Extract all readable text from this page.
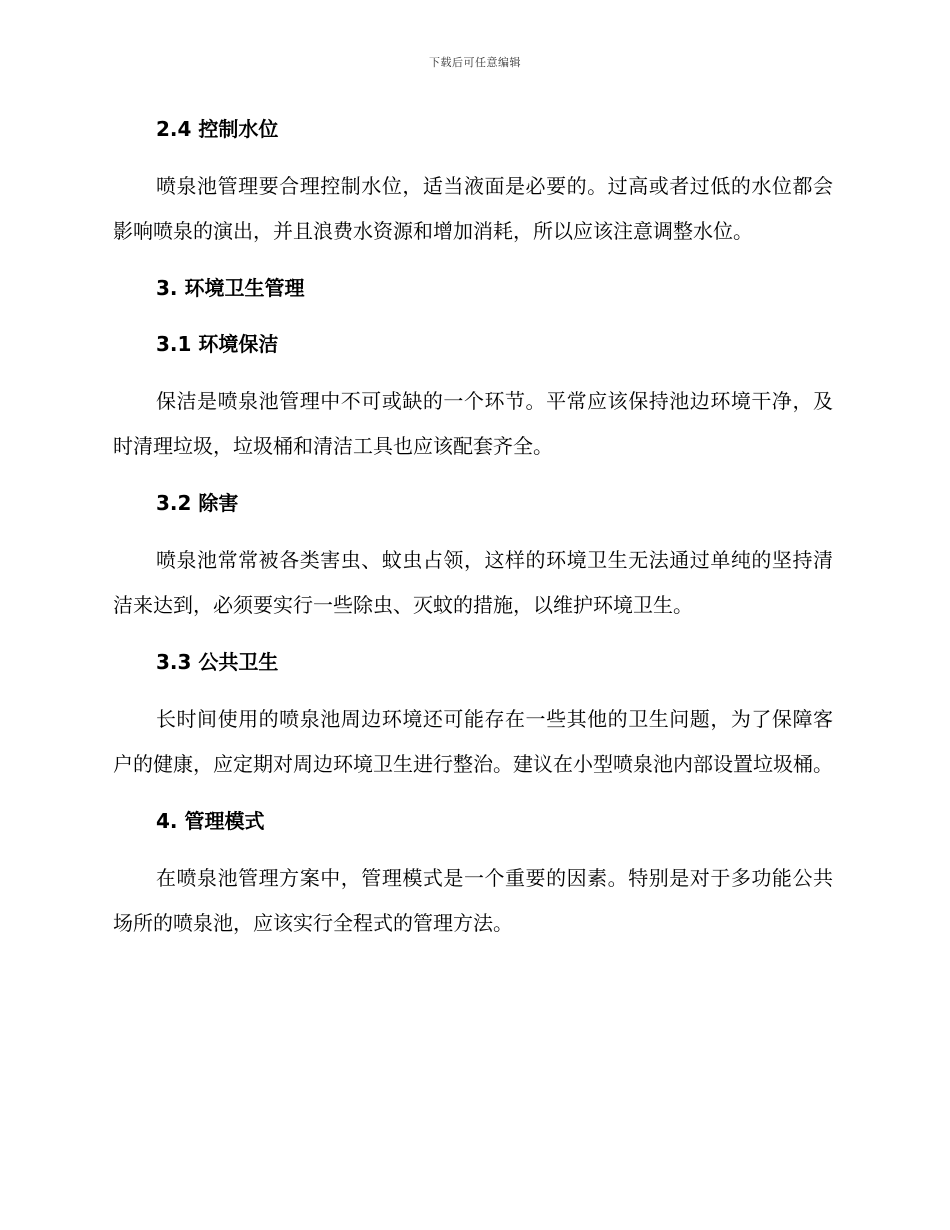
下载后可任意编辑
2.4 控制水位

喷泉池管理要合理控制水位，适当液面是必要的。过高或者过低的水位都会影响喷泉的演出，并且浪费水资源和增加消耗，所以应该注意调整水位。

3. 环境卫生管理
3.1 环境保洁

保洁是喷泉池管理中不可或缺的一个环节。平常应该保持池边环境干净，及时清理垃圾，垃圾桶和清洁工具也应该配套齐全。

3.2 除害

喷泉池常常被各类害虫、蚊虫占领，这样的环境卫生无法通过单纯的坚持清洁来达到，必须要实行一些除虫、灭蚊的措施，以维护环境卫生。

3.3 公共卫生

长时间使用的喷泉池周边环境还可能存在一些其他的卫生问题，为了保障客户的健康，应定期对周边环境卫生进行整治。建议在小型喷泉池内部设置垃圾桶。

4. 管理模式

在喷泉池管理方案中，管理模式是一个重要的因素。特别是对于多功能公共场所的喷泉池，应该实行全程式的管理方法。
